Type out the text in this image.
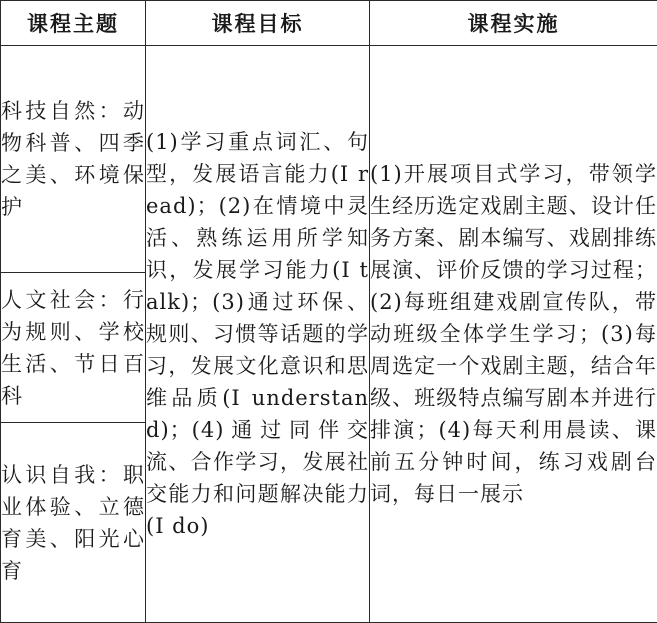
课程主题	课程目标	课程实施
科技自然：动物科普、四季之美、环境保护	(1)学习重点词汇、句型，发展语言能力(I read)；(2)在情境中灵活、熟练运用所学知识，发展学习能力(I talk)；(3)通过环保、规则、习惯等话题的学习，发展文化意识和思维品质(I understand)；(4)通过同伴交流、合作学习，发展社交能力和问题解决能力(I do)	(1)开展项目式学习，带领学生经历选定戏剧主题、设计任务方案、剧本编写、戏剧排练展演、评价反馈的学习过程；(2)每班组建戏剧宣传队，带动班级全体学生学习；(3)每周选定一个戏剧主题，结合年级、班级特点编写剧本并进行排演；(4)每天利用晨读、课前五分钟时间，练习戏剧台词，每日一展示
人文社会：行为规则、学校生活、节日百科		
认识自我：职业体验、立德育美、阳光心育		
